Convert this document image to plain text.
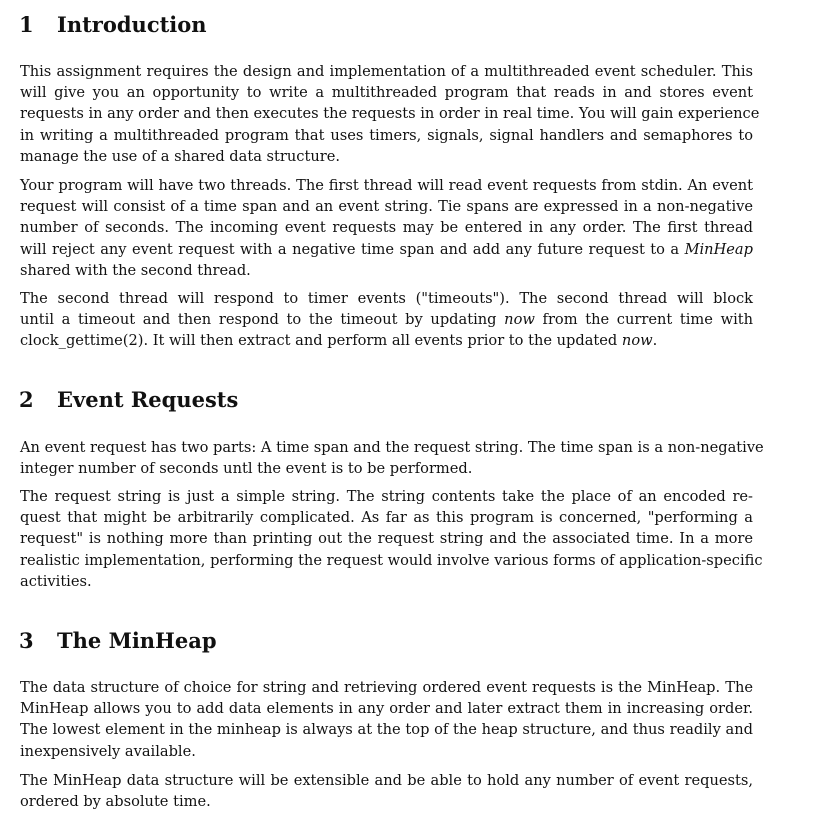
1 Introduction

This assignment requires the design and implementation of a multithreaded event scheduler. This
will give you an opportunity to write a multithreaded program that reads in and stores event
requests in any order and then executes the requests in order in real time. You will gain experience
in writing a multithreaded program that uses timers, signals, signal handlers and semaphores to
manage the use of a shared data structure.

Your program will have two threads. The first thread will read event requests from stdin. An event
request will consist of a time span and an event string. Tie spans are expressed in a non-negative
number of seconds. The incoming event requests may be entered in any order. The first thread
will reject any event request with a negative time span and add any future request to a MinHeap
shared with the second thread.

The second thread will respond to timer events ("timeouts"). The second thread will block
until a timeout and then respond to the timeout by updating now from the current time with
clock_gettime(2). It will then extract and perform all events prior to the updated now.

2 Event Requests

An event request has two parts: A time span and the request string. The time span is a non-negative
integer number of seconds untl the event is to be performed.

The request string is just a simple string. The string contents take the place of an encoded re-
quest that might be arbitrarily complicated. As far as this program is concerned, "performing a
request" is nothing more than printing out the request string and the associated time. In a more
realistic implementation, performing the request would involve various forms of application-specific
activities.

3 The MinHeap

The data structure of choice for string and retrieving ordered event requests is the MinHeap. The
MinHeap allows you to add data elements in any order and later extract them in increasing order.
The lowest element in the minheap is always at the top of the heap structure, and thus readily and
inexpensively available.

The MinHeap data structure will be extensible and be able to hold any number of event requests,
ordered by absolute time.
